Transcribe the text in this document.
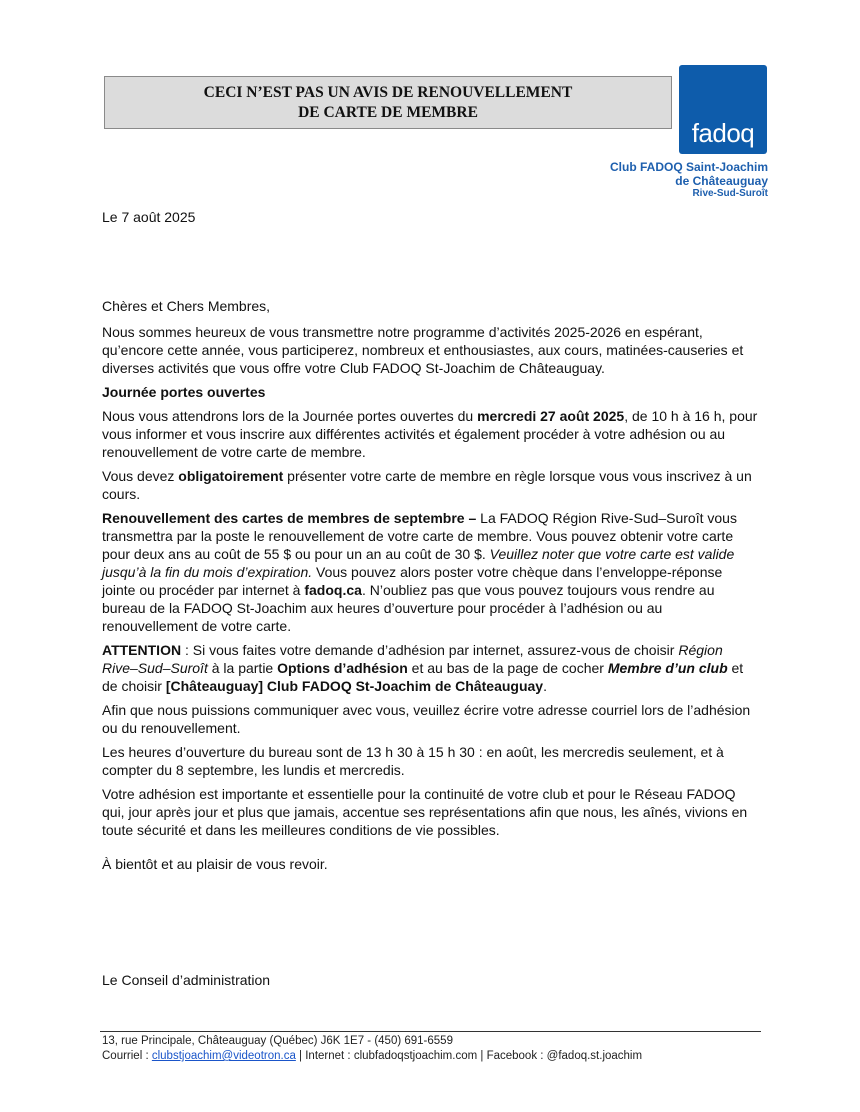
CECI N’EST PAS UN AVIS DE RENOUVELLEMENT
DE CARTE DE MEMBRE
fadoq
Club FADOQ Saint-Joachim
de Châteauguay
Rive-Sud-Suroît
Le 7 août 2025

Chères et Chers Membres,

Nous sommes heureux de vous transmettre notre programme d’activités 2025-2026 en espérant, qu’encore cette année, vous participerez, nombreux et enthousiastes, aux cours, matinées-causeries et diverses activités que vous offre votre Club FADOQ St-Joachim de Châteauguay.

Journée portes ouvertes

Nous vous attendrons lors de la Journée portes ouvertes du mercredi 27 août 2025, de 10 h à 16 h, pour vous informer et vous inscrire aux différentes activités et également procéder à votre adhésion ou au renouvellement de votre carte de membre.

Vous devez obligatoirement présenter votre carte de membre en règle lorsque vous vous inscrivez à un cours.

Renouvellement des cartes de membres de septembre – La FADOQ Région Rive-Sud–Suroît vous transmettra par la poste le renouvellement de votre carte de membre. Vous pouvez obtenir votre carte pour deux ans au coût de 55 $ ou pour un an au coût de 30 $. Veuillez noter que votre carte est valide jusqu’à la fin du mois d’expiration. Vous pouvez alors poster votre chèque dans l’enveloppe-réponse jointe ou procéder par internet à fadoq.ca. N’oubliez pas que vous pouvez toujours vous rendre au bureau de la FADOQ St-Joachim aux heures d’ouverture pour procéder à l’adhésion ou au renouvellement de votre carte.

ATTENTION : Si vous faites votre demande d’adhésion par internet, assurez-vous de choisir Région Rive–Sud–Suroît à la partie Options d’adhésion et au bas de la page de cocher Membre d’un club et de choisir [Châteauguay] Club FADOQ St-Joachim de Châteauguay.

Afin que nous puissions communiquer avec vous, veuillez écrire votre adresse courriel lors de l’adhésion ou du renouvellement.

Les heures d’ouverture du bureau sont de 13 h 30 à 15 h 30 : en août, les mercredis seulement, et à compter du 8 septembre, les lundis et mercredis.

Votre adhésion est importante et essentielle pour la continuité de votre club et pour le Réseau FADOQ qui, jour après jour et plus que jamais, accentue ses représentations afin que nous, les aînés, vivions en toute sécurité et dans les meilleures conditions de vie possibles.

À bientôt et au plaisir de vous revoir.

Le Conseil d’administration
13, rue Principale, Châteauguay (Québec) J6K 1E7 - (450) 691-6559
Courriel : clubstjoachim@videotron.ca | Internet : clubfadoqstjoachim.com | Facebook : @fadoq.st.joachim
